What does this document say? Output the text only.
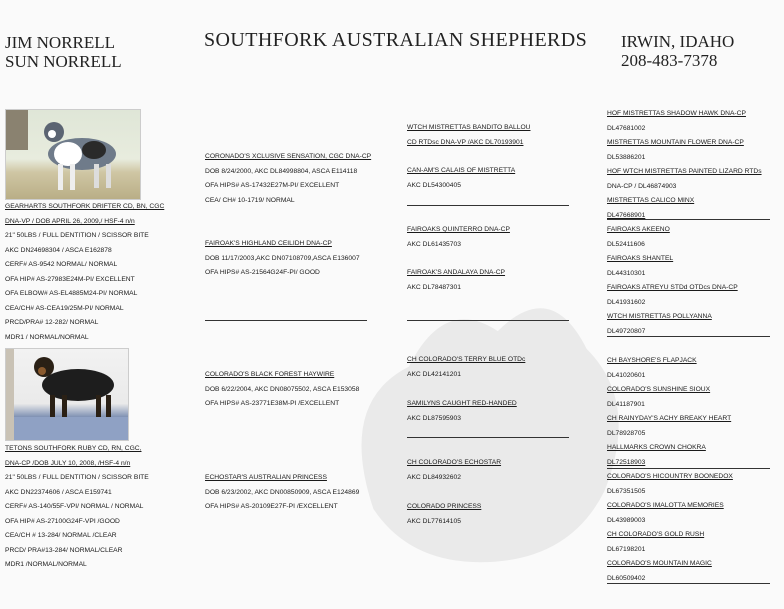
JIM NORRELL
SUN NORRELL
SOUTHFORK AUSTRALIAN SHEPHERDS IRWIN, IDAHO
208-483-7378
GEARHARTS SOUTHFORK DRIFTER CD, BN, CGC
DNA-VP / DOB APRIL 26, 2009,/ HSF-4 n/n
21" 50LBS / FULL DENTITION / SCISSOR BITE
AKC DN24698304 / ASCA E162878
CERF# AS-9542 NORMAL/ NORMAL
OFA HIP# AS-27983E24M-PI/ EXCELLENT
OFA ELBOW# AS-EL4885M24-PI/ NORMAL
CEA/CH# AS-CEA19/25M-PI/ NORMAL
PRCD/PRA# 12-282/ NORMAL
MDR1 / NORMAL/NORMAL
TETONS SOUTHFORK RUBY CD, RN, CGC,
DNA-CP /DOB JULY 10, 2008, /HSF-4 n/n
21" 50LBS / FULL DENTITION / SCISSOR BITE
AKC DN22374606 / ASCA E159741
CERF# AS-140/55F-VPI/ NORMAL / NORMAL
OFA HIP# AS-27100G24F-VPI /GOOD
CEA/CH # 13-284/ NORMAL /CLEAR
PRCD/ PRA#13-284/ NORMAL/CLEAR
MDR1 /NORMAL/NORMAL
CORONADO'S XCLUSIVE SENSATION, CGC DNA-CP
DOB 8/24/2000, AKC DL84998804, ASCA E114118
OFA HIPS# AS-17432E27M-PI/ EXCELLENT
CEA/ CH# 10-1719/ NORMAL
FAIROAK'S HIGHLAND CEILIDH DNA-CP
DOB 11/17/2003,AKC DN07108709,ASCA E136007
OFA HIPS# AS-21564G24F-PI/ GOOD
COLORADO'S BLACK FOREST HAYWIRE
DOB 6/22/2004, AKC DN08075502, ASCA E153058
OFA HIPS# AS-23771E38M-PI /EXCELLENT
ECHOSTAR'S AUSTRALIAN PRINCESS
DOB 6/23/2002, AKC DN00850909, ASCA E124869
OFA HIPS# AS-20109E27F-PI /EXCELLENT
WTCH MISTRETTAS BANDITO BALLOU
CD RTDsc DNA-VP /AKC DL70193901
CAN-AM'S CALAIS OF MISTRETTA
AKC DL54300405
FAIROAKS QUINTERRO DNA-CP
AKC DL61435703
FAIROAK'S ANDALAYA DNA-CP
AKC DL78487301
CH COLORADO'S TERRY BLUE OTDc
AKC DL42141201
SAMILYNS CAUGHT RED-HANDED
AKC DL87595903
CH COLORADO'S ECHOSTAR
AKC DL84932602
COLORADO PRINCESS
AKC DL77614105
HOF MISTRETTAS SHADOW HAWK DNA-CP
DL47681002
MISTRETTAS MOUNTAIN FLOWER DNA-CP
DL53886201
HOF WTCH MISTRETTAS PAINTED LIZARD RTDs
DNA-CP / DL46874903
MISTRETTAS CALICO MINX
DL47668901
FAIROAKS AKEENO
DL52411606
FAIROAKS SHANTEL
DL44310301
FAIROAKS ATREYU STDd OTDcs DNA-CP
DL41931602
WTCH MISTRETTAS POLLYANNA
DL49720807
CH BAYSHORE'S FLAPJACK
DL41020601
COLORADO'S SUNSHINE SIOUX
DL41187901
CH RAINYDAY'S ACHY BREAKY HEART
DL78928705
HALLMARKS CROWN CHOKRA
DL72518903
COLORADO'S HICOUNTRY BOONEDOX
DL67351505
COLORADO'S IMALOTTA MEMORIES
DL43989003
CH COLORADO'S GOLD RUSH
DL67198201
COLORADO'S MOUNTAIN MAGIC
DL60509402
